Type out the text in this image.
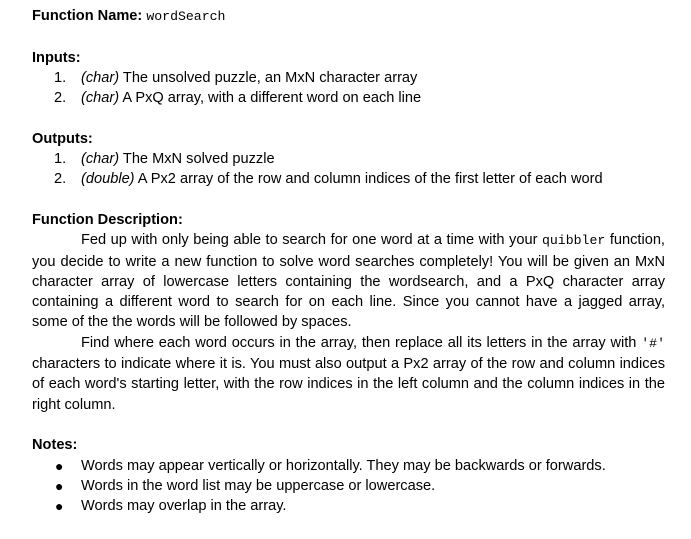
Function Name: wordSearch
Inputs:
1. (char) The unsolved puzzle, an MxN character array
2. (char) A PxQ array, with a different word on each line
Outputs:
1. (char) The MxN solved puzzle
2. (double) A Px2 array of the row and column indices of the first letter of each word
Function Description:

Fed up with only being able to search for one word at a time with your quibbler function, you decide to write a new function to solve word searches completely! You will be given an MxN character array of lowercase letters containing the wordsearch, and a PxQ character array containing a different word to search for on each line. Since you cannot have a jagged array, some of the the words will be followed by spaces.

Find where each word occurs in the array, then replace all its letters in the array with '#' characters to indicate where it is. You must also output a Px2 array of the row and column indices of each word's starting letter, with the row indices in the left column and the column indices in the right column.

Notes:
● Words may appear vertically or horizontally. They may be backwards or forwards.
● Words in the word list may be uppercase or lowercase.
● Words may overlap in the array.
